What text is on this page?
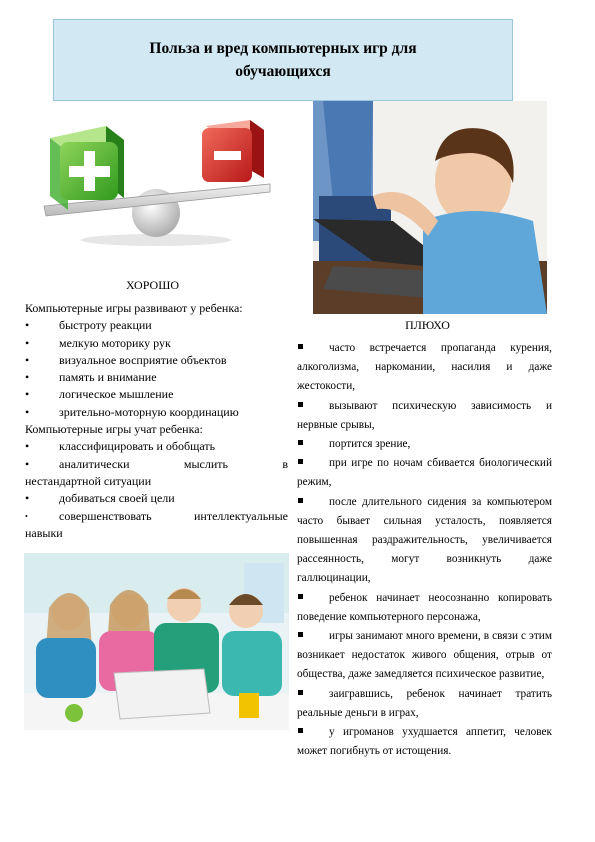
Польза и вред компьютерных игр для обучающихся
ХОРОШО

Компьютерные игры развивают у ребенка:

•	быстроту реакции
•	мелкую моторику рук
•	визуальное восприятие объектов
•	память и внимание
•	логическое мышление
•	зрительно-моторную координацию

Компьютерные игры учат ребенка:

•	классифицировать и обобщать
•	аналитически мыслить в

нестандартной ситуации

•	добиваться своей цели
•	совершенствовать интеллектуальные

навыки

ПЛЮХО

часто встречается пропаганда курения, алкоголизма, наркомании, насилия и даже жестокости,

вызывают психическую зависимость и нервные срывы,

портится зрение,

при игре по ночам сбивается биологический режим,

после длительного сидения за компьютером часто бывает сильная усталость, появляется повышенная раздражительность, увеличивается рассеянность, могут возникнуть даже галлюцинации,

ребенок начинает неосознанно копировать поведение компьютерного персонажа,

игры занимают много времени, в связи с этим возникает недостаток живого общения, отрыв от общества, даже замедляется психическое развитие,

заигравшись, ребенок начинает тратить реальные деньги в играх,

у игроманов ухудшается аппетит, человек может погибнуть от истощения.
